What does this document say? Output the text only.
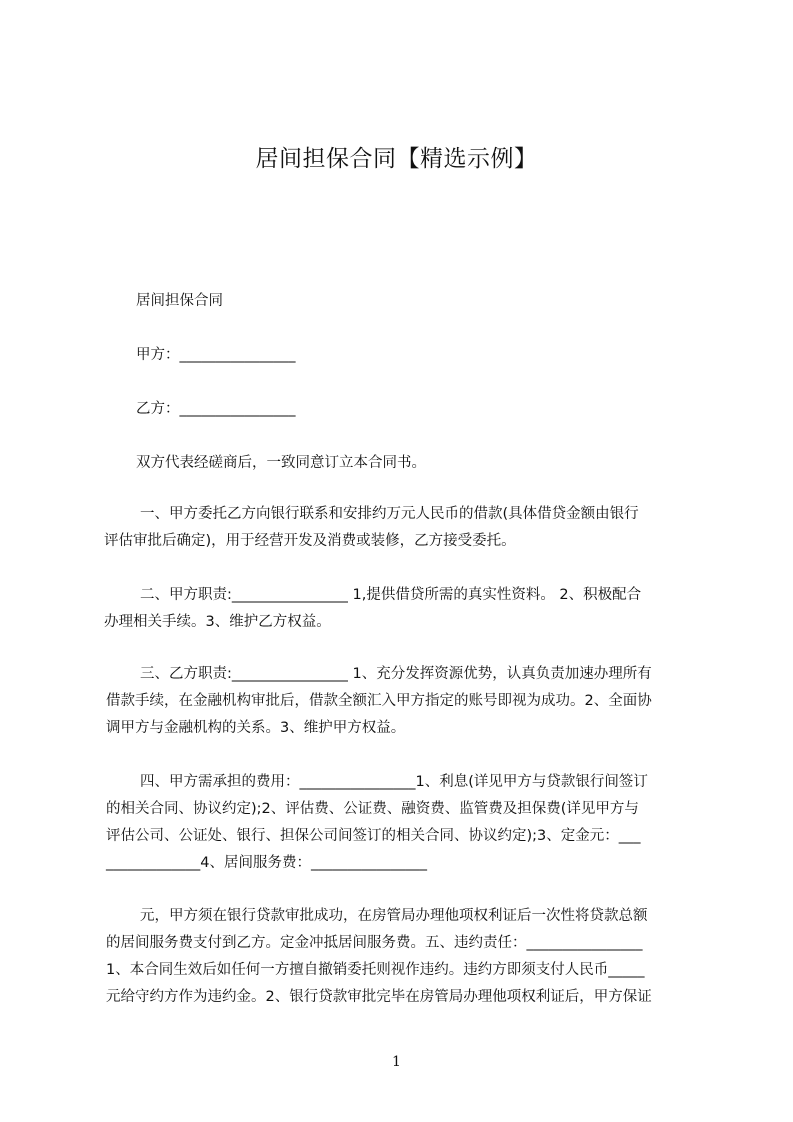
居间担保合同【精选示例】
居间担保合同
甲方：________________
乙方：________________
双方代表经磋商后，一致同意订立本合同书。
一、甲方委托乙方向银行联系和安排约万元人民币的借款(具体借贷金额由银行
评估审批后确定)，用于经营开发及消费或装修，乙方接受委托。
二、甲方职责:________________ 1,提供借贷所需的真实性资料。 2、积极配合
办理相关手续。3、维护乙方权益。
三、乙方职责:________________ 1、充分发挥资源优势，认真负责加速办理所有
借款手续，在金融机构审批后，借款全额汇入甲方指定的账号即视为成功。2、全面协
调甲方与金融机构的关系。3、维护甲方权益。
四、甲方需承担的费用：________________1、利息(详见甲方与贷款银行间签订
的相关合同、协议约定);2、评估费、公证费、融资费、监管费及担保费(详见甲方与
评估公司、公证处、银行、担保公司间签订的相关合同、协议约定);3、定金元：___
_____________4、居间服务费：________________
元，甲方须在银行贷款审批成功，在房管局办理他项权利证后一次性将贷款总额
的居间服务费支付到乙方。定金冲抵居间服务费。五、违约责任：________________
1、本合同生效后如任何一方擅自撤销委托则视作违约。违约方即须支付人民币_____
元给守约方作为违约金。2、银行贷款审批完毕在房管局办理他项权利证后，甲方保证
1
